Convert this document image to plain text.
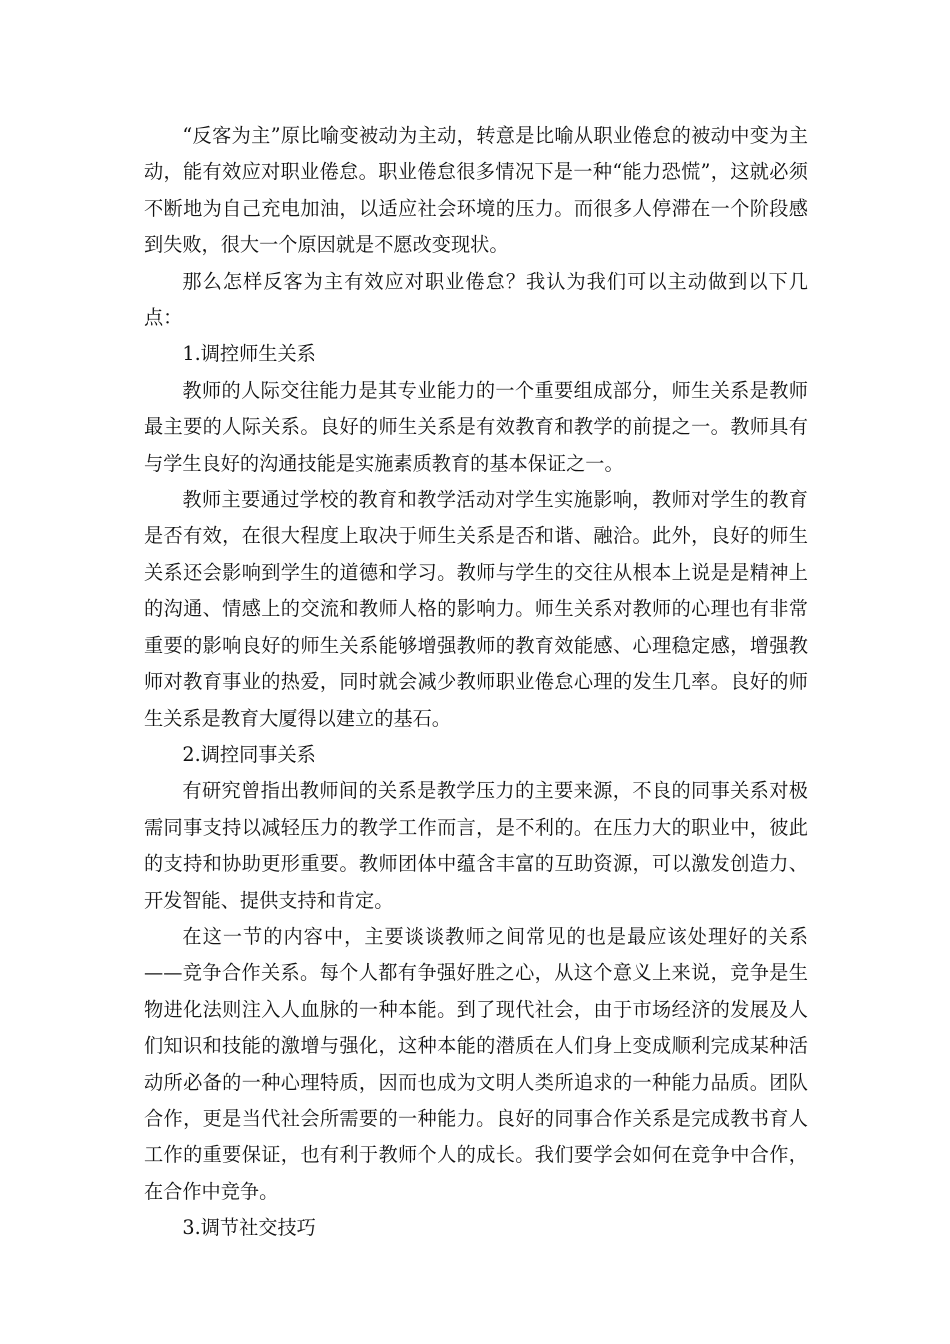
“反客为主”原比喻变被动为主动，转意是比喻从职业倦怠的被动中变为主动，能有效应对职业倦怠。职业倦怠很多情况下是一种“能力恐慌”，这就必须不断地为自己充电加油，以适应社会环境的压力。而很多人停滞在一个阶段感到失败，很大一个原因就是不愿改变现状。

那么怎样反客为主有效应对职业倦怠？我认为我们可以主动做到以下几点：

1.调控师生关系

教师的人际交往能力是其专业能力的一个重要组成部分，师生关系是教师最主要的人际关系。良好的师生关系是有效教育和教学的前提之一。教师具有与学生良好的沟通技能是实施素质教育的基本保证之一。

教师主要通过学校的教育和教学活动对学生实施影响，教师对学生的教育是否有效，在很大程度上取决于师生关系是否和谐、融洽。此外，良好的师生关系还会影响到学生的道德和学习。教师与学生的交往从根本上说是是精神上的沟通、情感上的交流和教师人格的影响力。师生关系对教师的心理也有非常重要的影响良好的师生关系能够增强教师的教育效能感、心理稳定感，增强教师对教育事业的热爱，同时就会减少教师职业倦怠心理的发生几率。良好的师生关系是教育大厦得以建立的基石。

2.调控同事关系

有研究曾指出教师间的关系是教学压力的主要来源，不良的同事关系对极需同事支持以减轻压力的教学工作而言，是不利的。在压力大的职业中，彼此的支持和协助更形重要。教师团体中蕴含丰富的互助资源，可以激发创造力、开发智能、提供支持和肯定。

在这一节的内容中，主要谈谈教师之间常见的也是最应该处理好的关系——竞争合作关系。每个人都有争强好胜之心，从这个意义上来说，竞争是生物进化法则注入人血脉的一种本能。到了现代社会，由于市场经济的发展及人们知识和技能的激增与强化，这种本能的潜质在人们身上变成顺利完成某种活动所必备的一种心理特质，因而也成为文明人类所追求的一种能力品质。团队合作，更是当代社会所需要的一种能力。良好的同事合作关系是完成教书育人工作的重要保证，也有利于教师个人的成长。我们要学会如何在竞争中合作，在合作中竞争。

3.调节社交技巧
